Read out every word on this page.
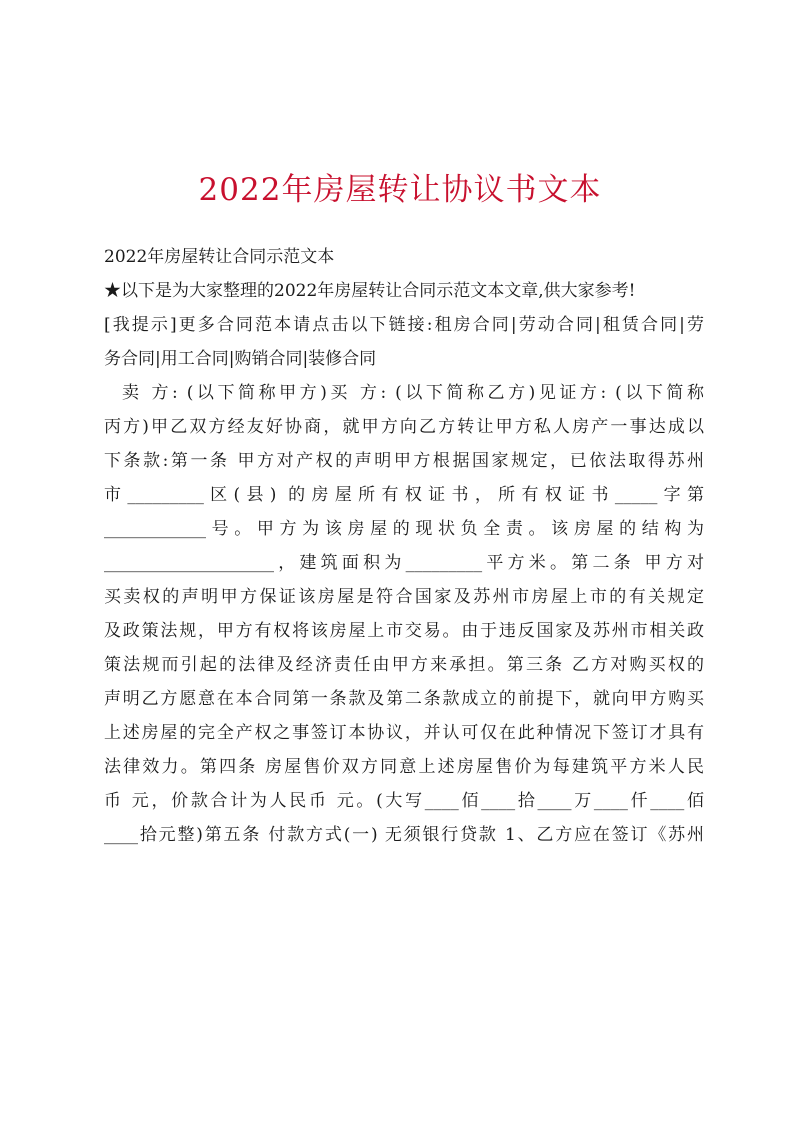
2022年房屋转让协议书文本
2022年房屋转让合同示范文本
★以下是为大家整理的2022年房屋转让合同示范文本文章,供大家参考!
[我提示]更多合同范本请点击以下链接:租房合同|劳动合同|租赁合同|劳
务合同|用工合同|购销合同|装修合同
卖 方: (以下简称甲方)买 方: (以下简称乙方)见证方: (以下简称
丙方)甲乙双方经友好协商，就甲方向乙方转让甲方私人房产一事达成以
下条款:第一条 甲方对产权的声明甲方根据国家规定，已依法取得苏州
市_________区(县) 的房屋所有权证书，所有权证书_____字第
____________号。甲方为该房屋的现状负全责。该房屋的结构为
____________________，建筑面积为_________平方米。第二条 甲方对
买卖权的声明甲方保证该房屋是符合国家及苏州市房屋上市的有关规定
及政策法规，甲方有权将该房屋上市交易。由于违反国家及苏州市相关政
策法规而引起的法律及经济责任由甲方来承担。第三条 乙方对购买权的
声明乙方愿意在本合同第一条款及第二条款成立的前提下，就向甲方购买
上述房屋的完全产权之事签订本协议，并认可仅在此种情况下签订才具有
法律效力。第四条 房屋售价双方同意上述房屋售价为每建筑平方米人民
币 元，价款合计为人民币 元。(大写____佰____拾____万____仟____佰
____拾元整)第五条 付款方式(一) 无须银行贷款 1、乙方应在签订《苏州
